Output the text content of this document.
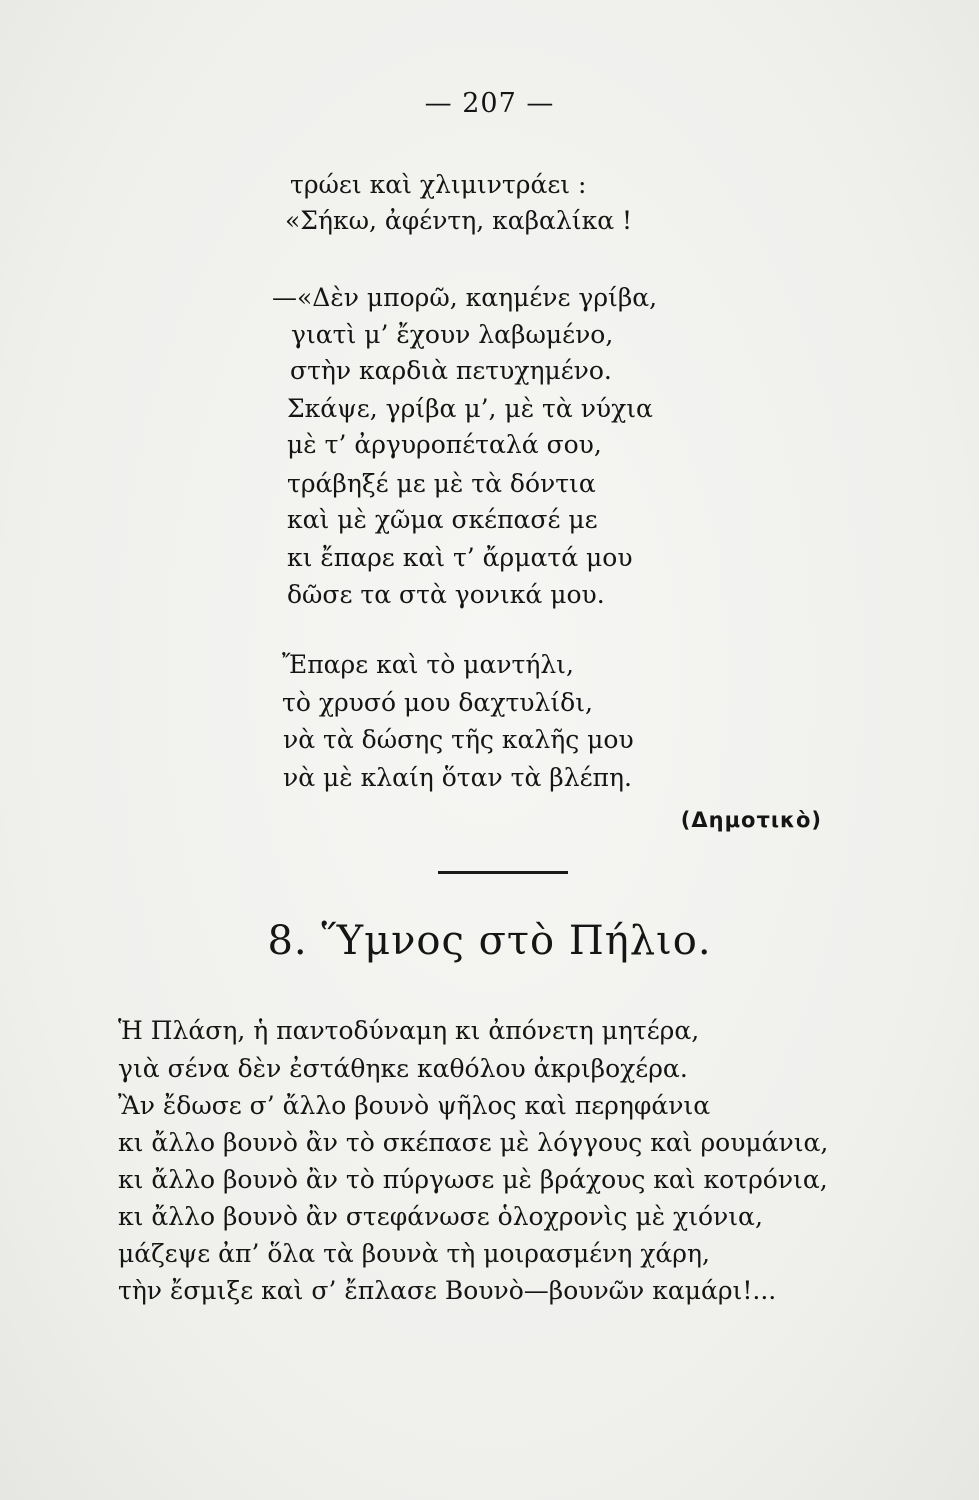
— 207 —
τρώει καὶ χλιμιντράει :
«Σήκω, ἀφέντη, καβαλίκα !
—«Δὲν μπορῶ, καημένε γρίβα,
γιατὶ μ’ ἔχουν λαβωμένο,
στὴν καρδιὰ πετυχημένο.
Σκάψε, γρίβα μ’, μὲ τὰ νύχια
μὲ τ’ ἀργυροπέταλά σου,
τράβηξέ με μὲ τὰ δόντια
καὶ μὲ χῶμα σκέπασέ με
κι ἔπαρε καὶ τ’ ἄρματά μου
δῶσε τα στὰ γονικά μου.
Ἔπαρε καὶ τὸ μαντήλι,
τὸ χρυσό μου δαχτυλίδι,
νὰ τὰ δώσης τῆς καλῆς μου
νὰ μὲ κλαίη ὅταν τὰ βλέπη.
(Δημοτικὸ)
8. Ὕμνος στὸ Πήλιο.
Ἡ Πλάση, ἡ παντοδύναμη κι ἀπόνετη μητέρα,
γιὰ σένα δὲν ἐστάθηκε καθόλου ἀκριβοχέρα.
Ἂν ἔδωσε σ’ ἄλλο βουνὸ ψῆλος καὶ περηφάνια
κι ἄλλο βουνὸ ἂν τὸ σκέπασε μὲ λόγγους καὶ ρουμάνια,
κι ἄλλο βουνὸ ἂν τὸ πύργωσε μὲ βράχους καὶ κοτρόνια,
κι ἄλλο βουνὸ ἂν στεφάνωσε ὁλοχρονὶς μὲ χιόνια,
μάζεψε ἀπ’ ὅλα τὰ βουνὰ τὴ μοιρασμένη χάρη,
τὴν ἔσμιξε καὶ σ’ ἔπλασε Βουνὸ—βουνῶν καμάρι!...
